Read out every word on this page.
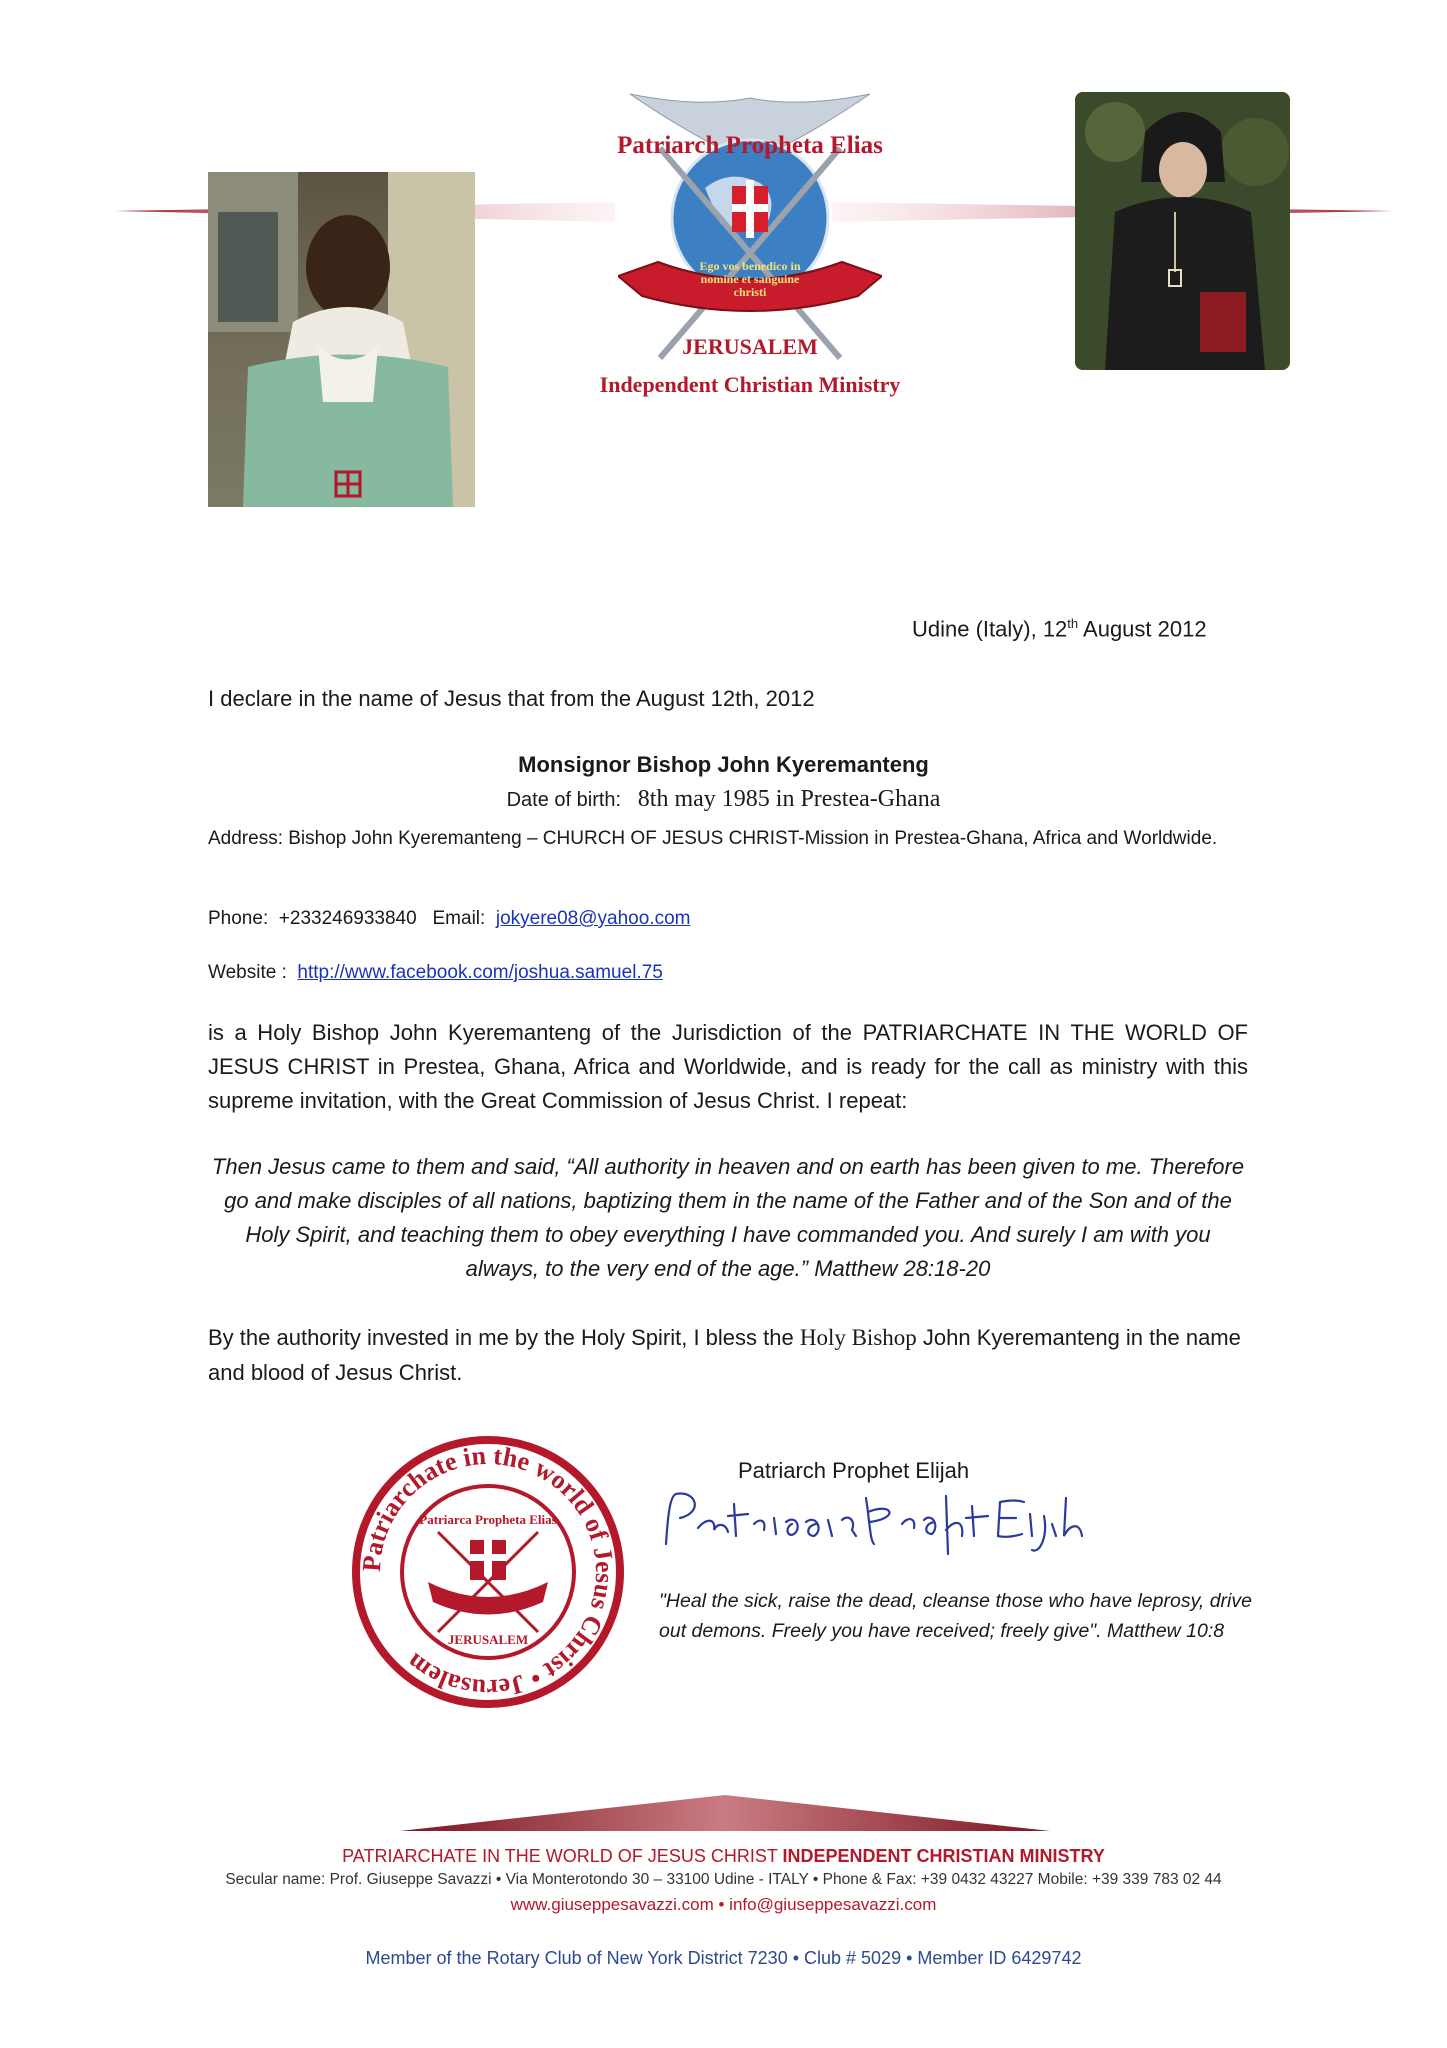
Patriarch Propheta Elias
Ego vos benedico in nomine et sanguine christi
JERUSALEM
Independent Christian Ministry
Udine (Italy), 12th August 2012
I declare in the name of Jesus that from the August 12th, 2012
Monsignor Bishop John Kyeremanteng
Date of birth: 8th may 1985 in Prestea-Ghana
Address: Bishop John Kyeremanteng – CHURCH OF JESUS CHRIST-Mission in Prestea-Ghana, Africa and Worldwide.
Phone:  +233246933840   Email:  jokyere08@yahoo.com
Website :  http://www.facebook.com/joshua.samuel.75
is a Holy Bishop John Kyeremanteng of the Jurisdiction of the PATRIARCHATE IN THE WORLD OF JESUS CHRIST in Prestea, Ghana, Africa and Worldwide, and is ready for the call as ministry with this supreme invitation, with the Great Commission of Jesus Christ. I repeat:
Then Jesus came to them and said, “All authority in heaven and on earth has been given to me. Therefore go and make disciples of all nations, baptizing them in the name of the Father and of the Son and of the Holy Spirit, and teaching them to obey everything I have commanded you. And surely I am with you always, to the very end of the age.” Matthew 28:18-20
By the authority invested in me by the Holy Spirit, I bless the Holy Bishop John Kyeremanteng in the name and blood of Jesus Christ.
Patriarchate in the world of Jesus Christ • Jerusalem
Patriarca Propheta Elias
JERUSALEM
Patriarch Prophet Elijah
"Heal the sick, raise the dead, cleanse those who have leprosy, drive out demons. Freely you have received; freely give". Matthew 10:8
PATRIARCHATE IN THE WORLD OF JESUS CHRIST INDEPENDENT CHRISTIAN MINISTRY
Secular name: Prof. Giuseppe Savazzi • Via Monterotondo 30 – 33100 Udine - ITALY • Phone & Fax: +39 0432 43227 Mobile: +39 339 783 02 44
www.giuseppesavazzi.com • info@giuseppesavazzi.com
Member of the Rotary Club of New York District 7230 • Club # 5029 • Member ID 6429742
